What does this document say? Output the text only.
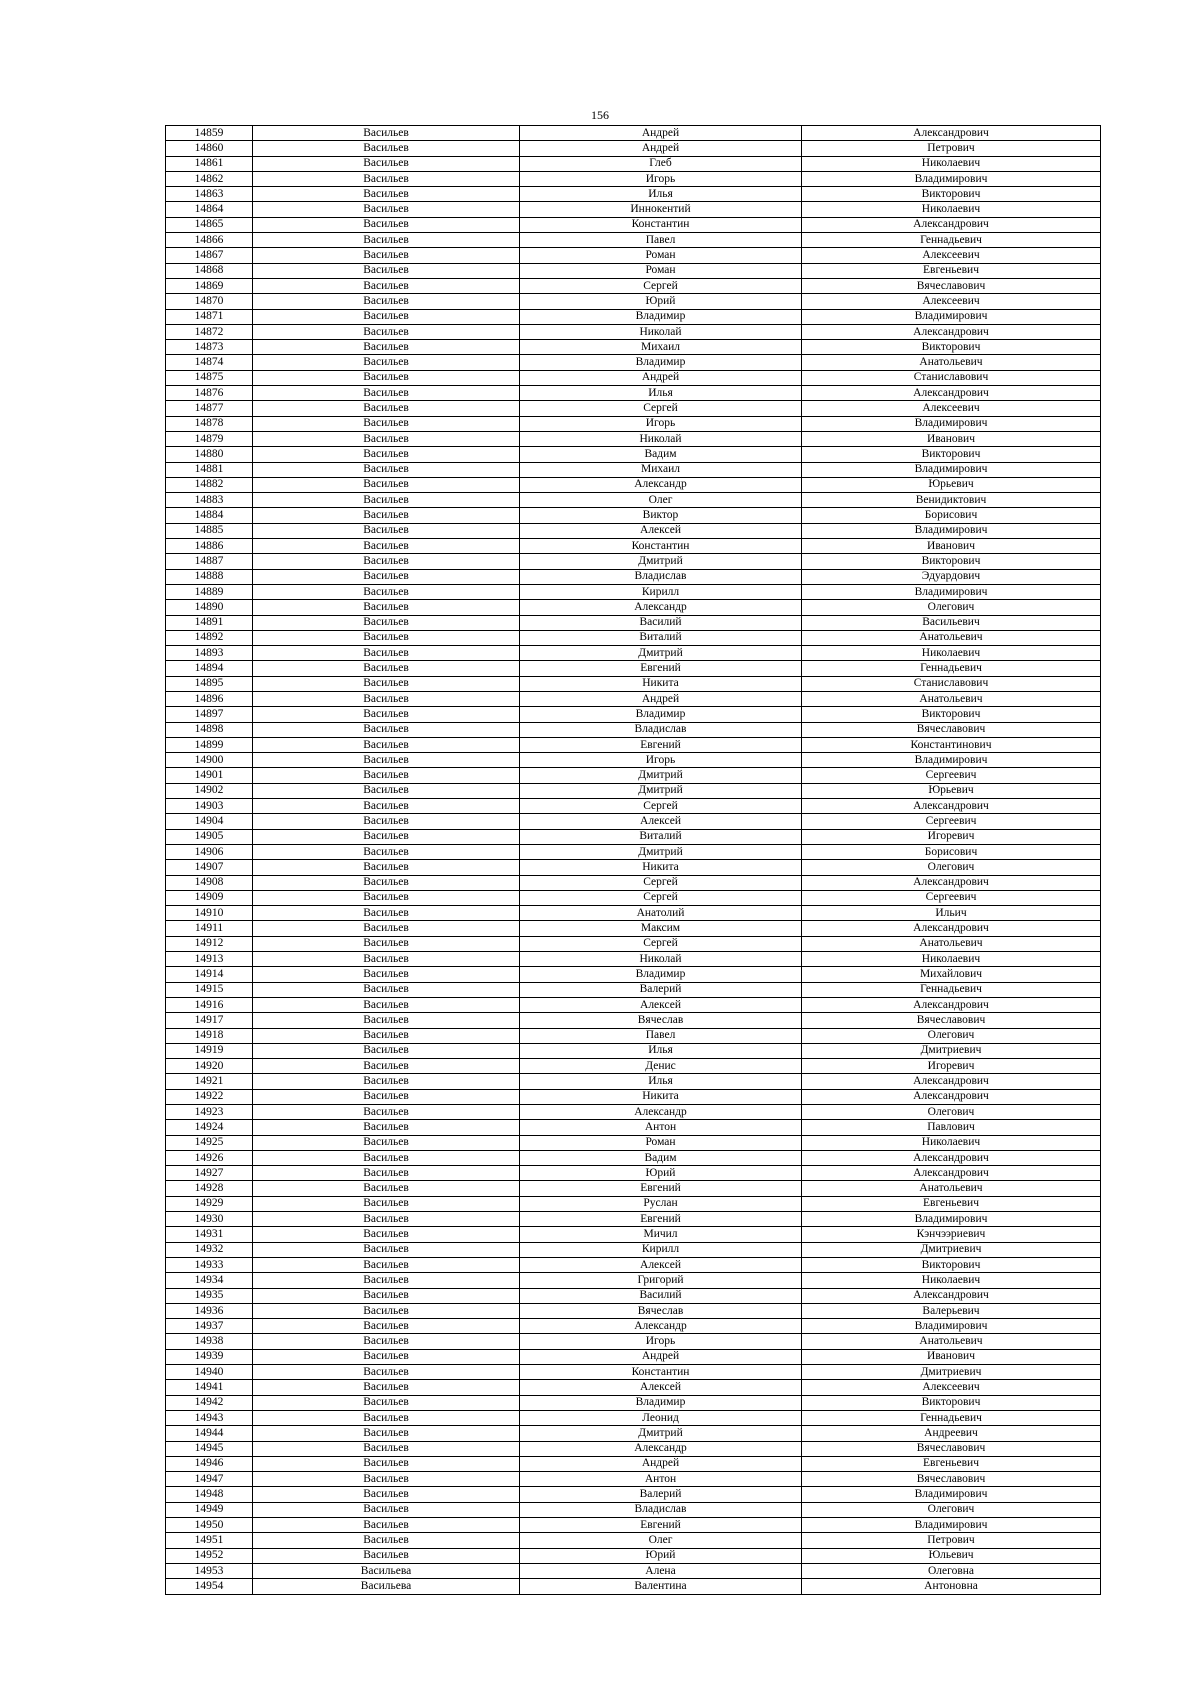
156
14859	Васильев	Андрей	Александрович
14860	Васильев	Андрей	Петрович
14861	Васильев	Глеб	Николаевич
14862	Васильев	Игорь	Владимирович
14863	Васильев	Илья	Викторович
14864	Васильев	Иннокентий	Николаевич
14865	Васильев	Константин	Александрович
14866	Васильев	Павел	Геннадьевич
14867	Васильев	Роман	Алексеевич
14868	Васильев	Роман	Евгеньевич
14869	Васильев	Сергей	Вячеславович
14870	Васильев	Юрий	Алексеевич
14871	Васильев	Владимир	Владимирович
14872	Васильев	Николай	Александрович
14873	Васильев	Михаил	Викторович
14874	Васильев	Владимир	Анатольевич
14875	Васильев	Андрей	Станиславович
14876	Васильев	Илья	Александрович
14877	Васильев	Сергей	Алексеевич
14878	Васильев	Игорь	Владимирович
14879	Васильев	Николай	Иванович
14880	Васильев	Вадим	Викторович
14881	Васильев	Михаил	Владимирович
14882	Васильев	Александр	Юрьевич
14883	Васильев	Олег	Венидиктович
14884	Васильев	Виктор	Борисович
14885	Васильев	Алексей	Владимирович
14886	Васильев	Константин	Иванович
14887	Васильев	Дмитрий	Викторович
14888	Васильев	Владислав	Эдуардович
14889	Васильев	Кирилл	Владимирович
14890	Васильев	Александр	Олегович
14891	Васильев	Василий	Васильевич
14892	Васильев	Виталий	Анатольевич
14893	Васильев	Дмитрий	Николаевич
14894	Васильев	Евгений	Геннадьевич
14895	Васильев	Никита	Станиславович
14896	Васильев	Андрей	Анатольевич
14897	Васильев	Владимир	Викторович
14898	Васильев	Владислав	Вячеславович
14899	Васильев	Евгений	Константинович
14900	Васильев	Игорь	Владимирович
14901	Васильев	Дмитрий	Сергеевич
14902	Васильев	Дмитрий	Юрьевич
14903	Васильев	Сергей	Александрович
14904	Васильев	Алексей	Сергеевич
14905	Васильев	Виталий	Игоревич
14906	Васильев	Дмитрий	Борисович
14907	Васильев	Никита	Олегович
14908	Васильев	Сергей	Александрович
14909	Васильев	Сергей	Сергеевич
14910	Васильев	Анатолий	Ильич
14911	Васильев	Максим	Александрович
14912	Васильев	Сергей	Анатольевич
14913	Васильев	Николай	Николаевич
14914	Васильев	Владимир	Михайлович
14915	Васильев	Валерий	Геннадьевич
14916	Васильев	Алексей	Александрович
14917	Васильев	Вячеслав	Вячеславович
14918	Васильев	Павел	Олегович
14919	Васильев	Илья	Дмитриевич
14920	Васильев	Денис	Игоревич
14921	Васильев	Илья	Александрович
14922	Васильев	Никита	Александрович
14923	Васильев	Александр	Олегович
14924	Васильев	Антон	Павлович
14925	Васильев	Роман	Николаевич
14926	Васильев	Вадим	Александрович
14927	Васильев	Юрий	Александрович
14928	Васильев	Евгений	Анатольевич
14929	Васильев	Руслан	Евгеньевич
14930	Васильев	Евгений	Владимирович
14931	Васильев	Мичил	Кэнчээриевич
14932	Васильев	Кирилл	Дмитриевич
14933	Васильев	Алексей	Викторович
14934	Васильев	Григорий	Николаевич
14935	Васильев	Василий	Александрович
14936	Васильев	Вячеслав	Валерьевич
14937	Васильев	Александр	Владимирович
14938	Васильев	Игорь	Анатольевич
14939	Васильев	Андрей	Иванович
14940	Васильев	Константин	Дмитриевич
14941	Васильев	Алексей	Алексеевич
14942	Васильев	Владимир	Викторович
14943	Васильев	Леонид	Геннадьевич
14944	Васильев	Дмитрий	Андреевич
14945	Васильев	Александр	Вячеславович
14946	Васильев	Андрей	Евгеньевич
14947	Васильев	Антон	Вячеславович
14948	Васильев	Валерий	Владимирович
14949	Васильев	Владислав	Олегович
14950	Васильев	Евгений	Владимирович
14951	Васильев	Олег	Петрович
14952	Васильев	Юрий	Юльевич
14953	Васильева	Алена	Олеговна
14954	Васильева	Валентина	Антоновна
